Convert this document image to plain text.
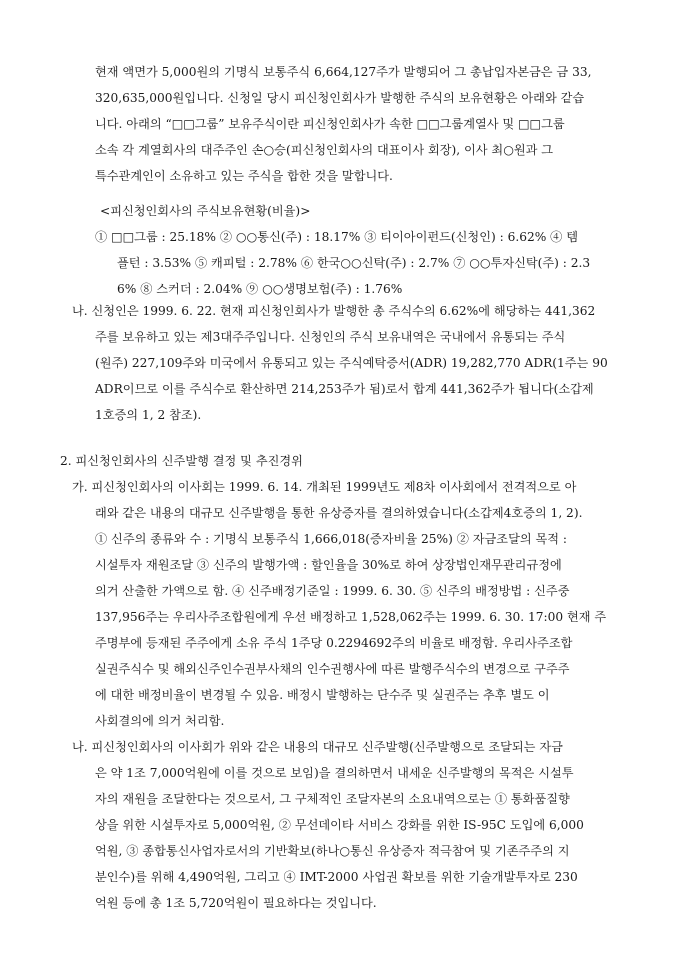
현재 액면가 5,000원의 기명식 보통주식 6,664,127주가 발행되어 그 총납입자본금은 금 33,
320,635,000원입니다. 신청일 당시 피신청인회사가 발행한 주식의 보유현황은 아래와 같습
니다. 아래의 “□□그룹” 보유주식이란 피신청인회사가 속한 □□그룹계열사 및 □□그룹
소속 각 계열회사의 대주주인 손○승(피신청인회사의 대표이사 회장), 이사 최○원과 그
특수관계인이 소유하고 있는 주식을 합한 것을 말합니다.
<피신청인회사의 주식보유현황(비율)>
① □□그룹 : 25.18% ② ○○통신(주) : 18.17% ③ 티이아이펀드(신청인) : 6.62% ④ 템
플턴 : 3.53% ⑤ 캐피털 : 2.78% ⑥ 한국○○신탁(주) : 2.7% ⑦ ○○투자신탁(주) : 2.3
6% ⑧ 스커더 : 2.04% ⑨ ○○생명보험(주) : 1.76%
나. 신청인은 1999. 6. 22. 현재 피신청인회사가 발행한 총 주식수의 6.62%에 해당하는 441,362
주를 보유하고 있는 제3대주주입니다. 신청인의 주식 보유내역은 국내에서 유통되는 주식
(원주) 227,109주와 미국에서 유통되고 있는 주식예탁증서(ADR) 19,282,770 ADR(1주는 90
ADR이므로 이를 주식수로 환산하면 214,253주가 됨)로서 합계 441,362주가 됩니다(소갑제
1호증의 1, 2 참조).
2. 피신청인회사의 신주발행 결정 및 추진경위
가. 피신청인회사의 이사회는 1999. 6. 14. 개최된 1999년도 제8차 이사회에서 전격적으로 아
래와 같은 내용의 대규모 신주발행을 통한 유상증자를 결의하였습니다(소갑제4호증의 1, 2).
① 신주의 종류와 수 : 기명식 보통주식 1,666,018(증자비율 25%) ② 자금조달의 목적 :
시설투자 재원조달 ③ 신주의 발행가액 : 할인율을 30%로 하여 상장법인재무관리규정에
의거 산출한 가액으로 함. ④ 신주배정기준일 : 1999. 6. 30. ⑤ 신주의 배정방법 : 신주중
137,956주는 우리사주조합원에게 우선 배정하고 1,528,062주는 1999. 6. 30. 17:00 현재 주
주명부에 등재된 주주에게 소유 주식 1주당 0.2294692주의 비율로 배정함. 우리사주조합
실권주식수 및 해외신주인수권부사채의 인수권행사에 따른 발행주식수의 변경으로 구주주
에 대한 배정비율이 변경될 수 있음. 배정시 발행하는 단수주 및 실권주는 추후 별도 이
사회결의에 의거 처리함.
나. 피신청인회사의 이사회가 위와 같은 내용의 대규모 신주발행(신주발행으로 조달되는 자금
은 약 1조 7,000억원에 이를 것으로 보임)을 결의하면서 내세운 신주발행의 목적은 시설투
자의 재원을 조달한다는 것으로서, 그 구체적인 조달자본의 소요내역으로는 ① 통화품질향
상을 위한 시설투자로 5,000억원, ② 무선데이타 서비스 강화를 위한 IS-95C 도입에 6,000
억원, ③ 종합통신사업자로서의 기반확보(하나○통신 유상증자 적극참여 및 기존주주의 지
분인수)를 위해 4,490억원, 그리고 ④ IMT-2000 사업권 확보를 위한 기술개발투자로 230
억원 등에 총 1조 5,720억원이 필요하다는 것입니다.
